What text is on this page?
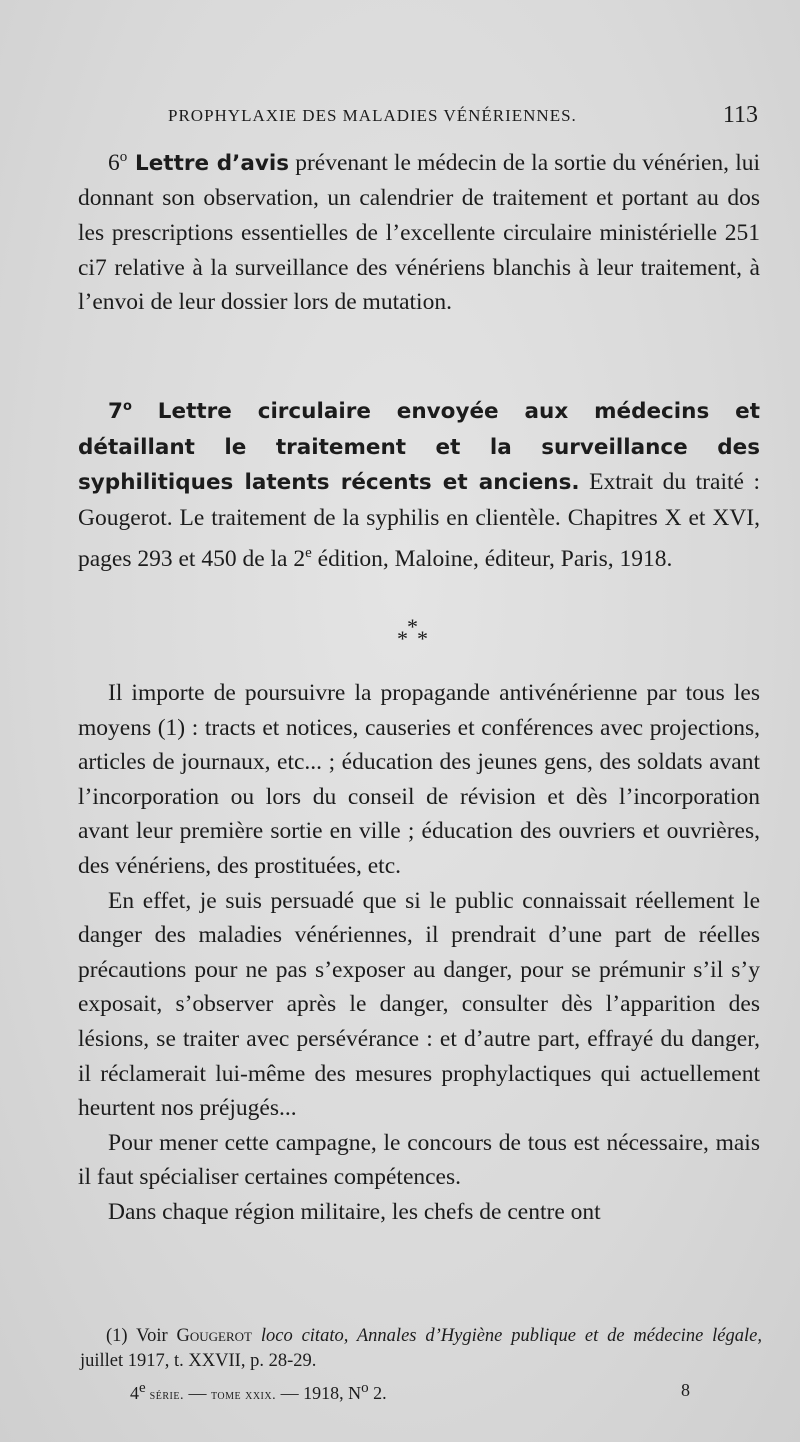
PROPHYLAXIE DES MALADIES VÉNÉRIENNES.	113

6$^o$ Lettre d’avis prévenant le médecin de la sortie du vénérien, lui donnant son observation, un calendrier de traitement et portant au dos les prescriptions essentielles de l’excellente circulaire ministérielle 251 ci7 relative à la surveillance des vénériens blanchis à leur traitement, à l’envoi de leur dossier lors de mutation.

7$^o$ Lettre circulaire envoyée aux médecins et détaillant le traitement et la surveillance des syphilitiques latents récents et anciens. Extrait du traité : Gougerot. Le traitement de la syphilis en clientèle. Chapitres X et XVI, pages 293 et 450 de la 2e édition, Maloine, éditeur, Paris, 1918.

*
* *

Il importe de poursuivre la propagande antivénérienne par tous les moyens (1) : tracts et notices, causeries et conférences avec projections, articles de journaux, etc... ; éducation des jeunes gens, des soldats avant l’incorporation ou lors du conseil de révision et dès l’incorporation avant leur première sortie en ville ; éducation des ouvriers et ouvrières, des vénériens, des prostituées, etc.

En effet, je suis persuadé que si le public connaissait réellement le danger des maladies vénériennes, il prendrait d’une part de réelles précautions pour ne pas s’exposer au danger, pour se prémunir s’il s’y exposait, s’observer après le danger, consulter dès l’apparition des lésions, se traiter avec persévérance : et d’autre part, effrayé du danger, il réclamerait lui-même des mesures prophylactiques qui actuellement heurtent nos préjugés...

Pour mener cette campagne, le concours de tous est nécessaire, mais il faut spécialiser certaines compétences.

Dans chaque région militaire, les chefs de centre ont

(1) Voir Gougerot loco citato, Annales d’Hygiène publique et de médecine légale, juillet 1917, t. XXVII, p. 28-29.

4e série. — tome xxix. — 1918, $N^o$ 2.	8
